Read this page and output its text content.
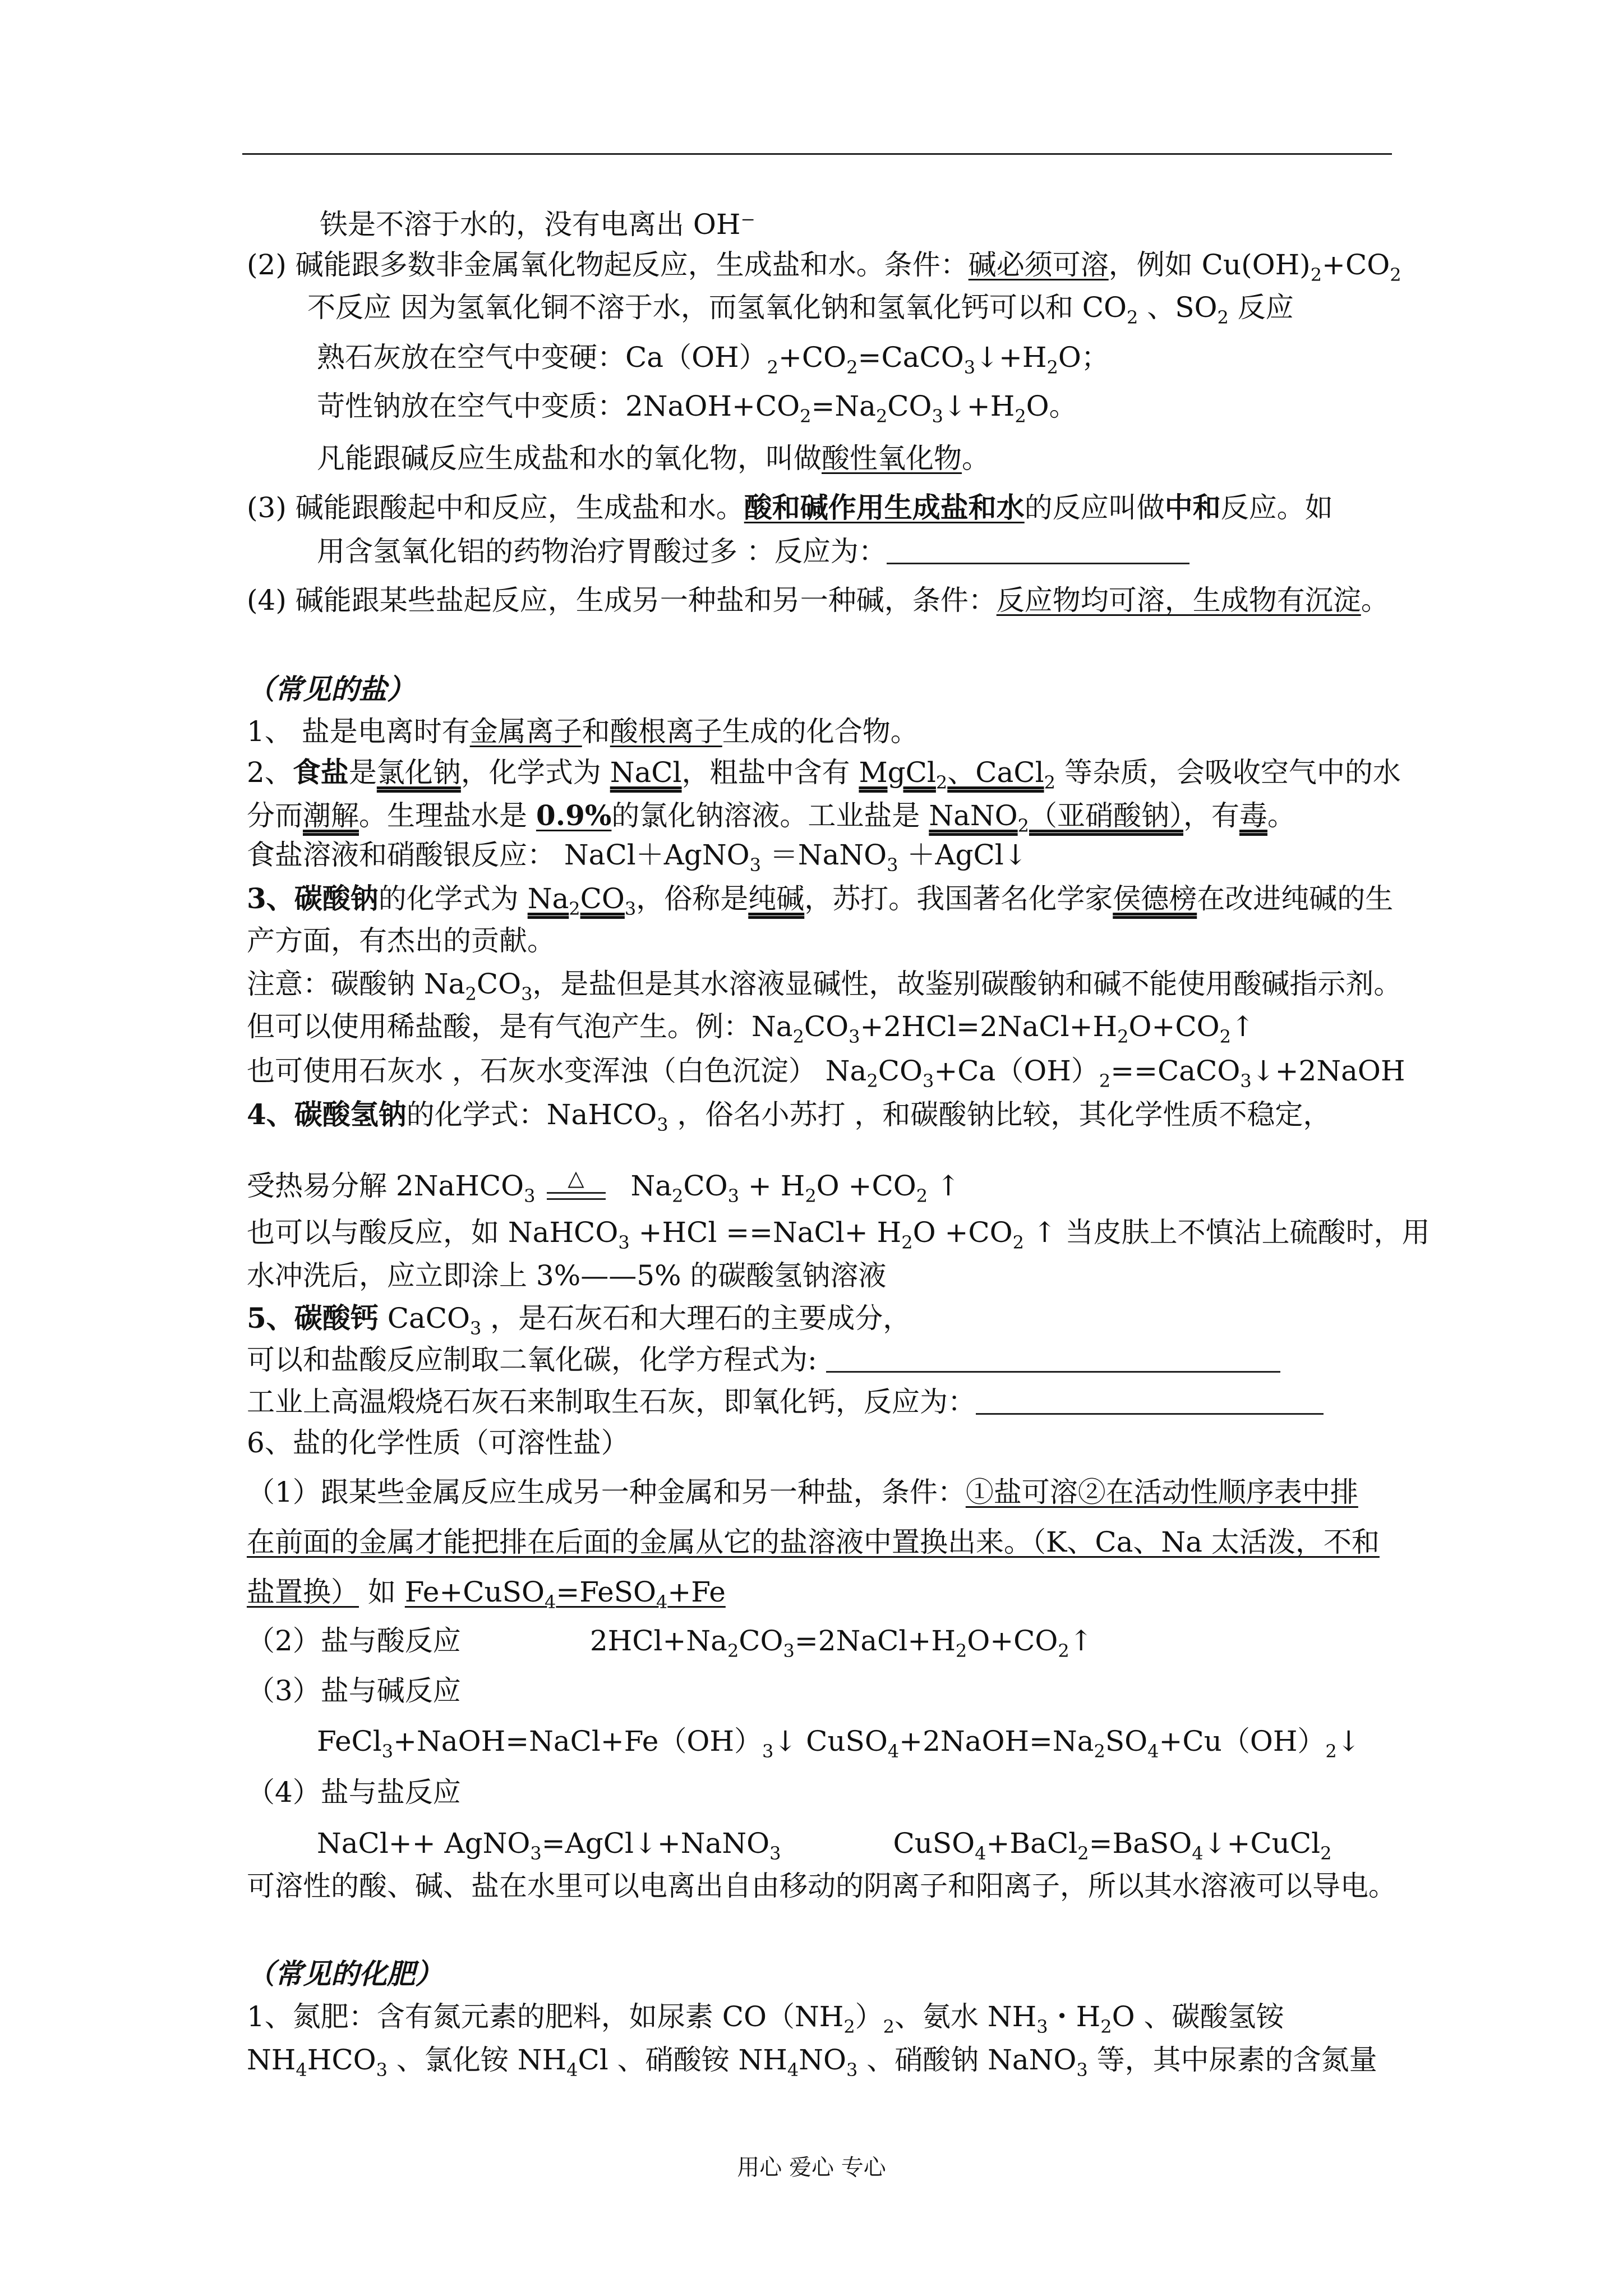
铁是不溶于水的，没有电离出 OH⁻
(2) 碱能跟多数非金属氧化物起反应，生成盐和水。条件：碱必须可溶，例如 $Cu(OH)_2+CO_2$
不反应 因为氢氧化铜不溶于水，而氢氧化钠和氢氧化钙可以和 $CO_2$ 、$SO_2$ 反应
熟石灰放在空气中变硬：$Ca(OH)_2+CO_2=CaCO_3↓+H_2O$；
苛性钠放在空气中变质：$2NaOH+CO_2=Na_2CO_3↓+H_2O$。
凡能跟碱反应生成盐和水的氧化物，叫做酸性氧化物。
(3) 碱能跟酸起中和反应，生成盐和水。酸和碱作用生成盐和水的反应叫做中和反应。如
用含氢氧化铝的药物治疗胃酸过多 ：反应为：
(4) 碱能跟某些盐起反应，生成另一种盐和另一种碱，条件：反应物均可溶，生成物有沉淀。
（常见的盐）
1、 盐是电离时有金属离子和酸根离子生成的化合物。
2、食盐是氯化钠，化学式为 NaCl，粗盐中含有 MgCl$_2$、CaCl$_2$ 等杂质，会吸收空气中的水
分而潮解。生理盐水是 0.9%的氯化钠溶液。工业盐是 NaNO$_2$（亚硝酸钠），有毒。
食盐溶液和硝酸银反应： NaCl＋AgNO$_3$ ＝NaNO$_3$ ＋AgCl↓
3、碳酸钠的化学式为 $Na_2CO_3$，俗称是纯碱，苏打。我国著名化学家侯德榜在改进纯碱的生
产方面，有杰出的贡献。
注意：碳酸钠 $Na_2CO_3$，是盐但是其水溶液显碱性，故鉴别碳酸钠和碱不能使用酸碱指示剂。
但可以使用稀盐酸，是有气泡产生。例：$Na_2CO_3+2HCl=2NaCl+H_2O+CO_2↑$
也可使用石灰水 ，石灰水变浑浊（白色沉淀） $Na_2CO_3+Ca(OH)_2==CaCO_3↓+2NaOH$
4、碳酸氢钠的化学式：NaHCO$_3$ ，俗名小苏打 ，和碳酸钠比较，其化学性质不稳定，
△
受热易分解 2NaHCO$_3$	$Na_2CO_3 + H_2O +CO_2$ ↑
也可以与酸反应，如 NaHCO$_3$ +HCl ==NaCl+ $H_2O +CO_2$ ↑ 当皮肤上不慎沾上硫酸时，用
水冲洗后，应立即涂上 3%——5% 的碳酸氢钠溶液
5、碳酸钙 CaCO$_3$ ，是石灰石和大理石的主要成分，
可以和盐酸反应制取二氧化碳，化学方程式为:
工业上高温煅烧石灰石来制取生石灰，即氧化钙，反应为：
6、盐的化学性质（可溶性盐）
（1）跟某些金属反应生成另一种金属和另一种盐，条件：①盐可溶②在活动性顺序表中排
在前面的金属才能把排在后面的金属从它的盐溶液中置换出来。（K、Ca、Na 太活泼，不和
盐置换） 如 Fe+CuSO$_4$=FeSO$_4$+Fe
（2）盐与酸反应	$2HCl+Na_2CO_3=2NaCl+H_2O+CO_2↑$
（3）盐与碱反应
$FeCl_3+NaOH=NaCl+Fe(OH)_3↓$ $CuSO_4+2NaOH=Na_2SO_4+Cu(OH)_2↓$
（4）盐与盐反应
NaCl++ AgNO$_3$=AgCl↓+NaNO$_3$	CuSO$_4$+BaCl$_2$=BaSO$_4$↓+CuCl$_2$
可溶性的酸、碱、盐在水里可以电离出自由移动的阴离子和阳离子，所以其水溶液可以导电。
（常见的化肥）
1、氮肥：含有氮元素的肥料，如尿素 $CO(NH_2)_2$、氨水 $NH_3$・$H_2O$ 、碳酸氢铵
$NH_4HCO_3$ 、氯化铵 $NH_4Cl$ 、硝酸铵 $NH_4NO_3$ 、硝酸钠 NaNO$_3$ 等，其中尿素的含氮量
用心 爱心 专心
